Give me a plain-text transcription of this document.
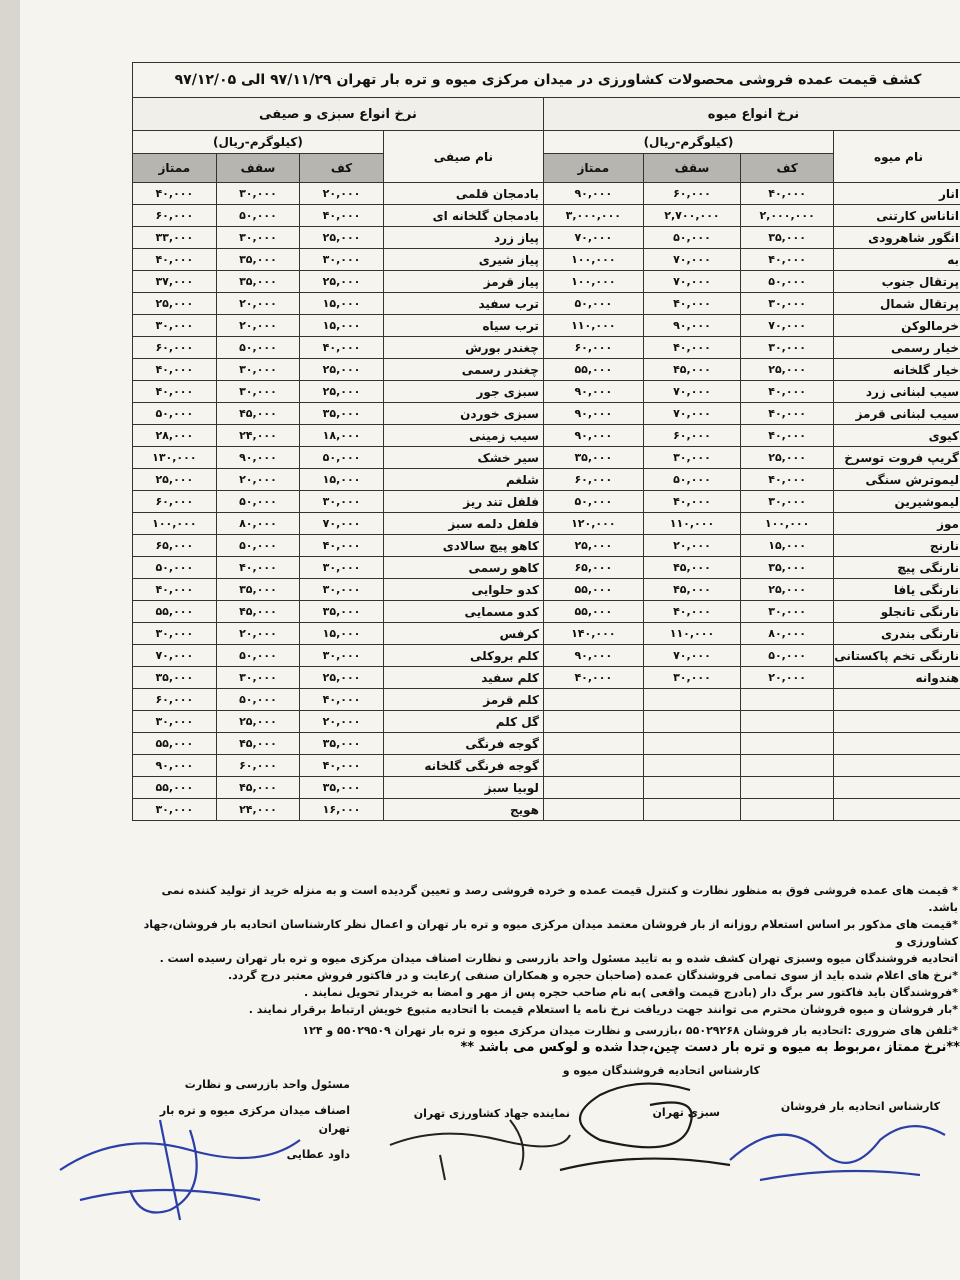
کشف قیمت عمده فروشی محصولات کشاورزی در میدان مرکزی میوه و تره بار تهران ۹۷/۱۱/۲۹ الی ۹۷/۱۲/۰۵							
نرخ انواع میوه				نرخ انواع سبزی و صیفی			
نام میوه	(کیلوگرم-ریال)			نام صیفی	(کیلوگرم-ریال)		
	کف	سقف	ممتاز		کف	سقف	ممتاز
انار	۴۰,۰۰۰	۶۰,۰۰۰	۹۰,۰۰۰	بادمجان قلمی	۲۰,۰۰۰	۳۰,۰۰۰	۴۰,۰۰۰
اناناس کارتنی	۲,۰۰۰,۰۰۰	۲,۷۰۰,۰۰۰	۳,۰۰۰,۰۰۰	بادمجان گلخانه ای	۴۰,۰۰۰	۵۰,۰۰۰	۶۰,۰۰۰
انگور شاهرودی	۳۵,۰۰۰	۵۰,۰۰۰	۷۰,۰۰۰	پیاز زرد	۲۵,۰۰۰	۳۰,۰۰۰	۳۳,۰۰۰
به	۴۰,۰۰۰	۷۰,۰۰۰	۱۰۰,۰۰۰	پیاز شیری	۳۰,۰۰۰	۳۵,۰۰۰	۴۰,۰۰۰
پرتقال جنوب	۵۰,۰۰۰	۷۰,۰۰۰	۱۰۰,۰۰۰	پیاز قرمز	۲۵,۰۰۰	۳۵,۰۰۰	۳۷,۰۰۰
پرتقال شمال	۳۰,۰۰۰	۴۰,۰۰۰	۵۰,۰۰۰	ترب سفید	۱۵,۰۰۰	۲۰,۰۰۰	۲۵,۰۰۰
خرمالوکن	۷۰,۰۰۰	۹۰,۰۰۰	۱۱۰,۰۰۰	ترب سیاه	۱۵,۰۰۰	۲۰,۰۰۰	۳۰,۰۰۰
خیار رسمی	۳۰,۰۰۰	۴۰,۰۰۰	۶۰,۰۰۰	چغندر بورش	۴۰,۰۰۰	۵۰,۰۰۰	۶۰,۰۰۰
خیار گلخانه	۲۵,۰۰۰	۴۵,۰۰۰	۵۵,۰۰۰	چغندر رسمی	۲۵,۰۰۰	۳۰,۰۰۰	۴۰,۰۰۰
سیب لبنانی زرد	۴۰,۰۰۰	۷۰,۰۰۰	۹۰,۰۰۰	سبزی جور	۲۵,۰۰۰	۳۰,۰۰۰	۴۰,۰۰۰
سیب لبنانی قرمز	۴۰,۰۰۰	۷۰,۰۰۰	۹۰,۰۰۰	سبزی خوردن	۳۵,۰۰۰	۴۵,۰۰۰	۵۰,۰۰۰
کیوی	۴۰,۰۰۰	۶۰,۰۰۰	۹۰,۰۰۰	سیب زمینی	۱۸,۰۰۰	۲۴,۰۰۰	۲۸,۰۰۰
گریپ فروت توسرخ	۲۵,۰۰۰	۳۰,۰۰۰	۳۵,۰۰۰	سیر خشک	۵۰,۰۰۰	۹۰,۰۰۰	۱۳۰,۰۰۰
لیموترش سنگی	۴۰,۰۰۰	۵۰,۰۰۰	۶۰,۰۰۰	شلغم	۱۵,۰۰۰	۲۰,۰۰۰	۲۵,۰۰۰
لیموشیرین	۳۰,۰۰۰	۴۰,۰۰۰	۵۰,۰۰۰	فلفل تند ریز	۳۰,۰۰۰	۵۰,۰۰۰	۶۰,۰۰۰
موز	۱۰۰,۰۰۰	۱۱۰,۰۰۰	۱۲۰,۰۰۰	فلفل دلمه سبز	۷۰,۰۰۰	۸۰,۰۰۰	۱۰۰,۰۰۰
نارنج	۱۵,۰۰۰	۲۰,۰۰۰	۲۵,۰۰۰	کاهو پیچ سالادی	۴۰,۰۰۰	۵۰,۰۰۰	۶۵,۰۰۰
نارنگی پیچ	۳۵,۰۰۰	۴۵,۰۰۰	۶۵,۰۰۰	کاهو رسمی	۳۰,۰۰۰	۴۰,۰۰۰	۵۰,۰۰۰
نارنگی یافا	۲۵,۰۰۰	۴۵,۰۰۰	۵۵,۰۰۰	کدو حلوایی	۳۰,۰۰۰	۳۵,۰۰۰	۴۰,۰۰۰
نارنگی تانجلو	۳۰,۰۰۰	۴۰,۰۰۰	۵۵,۰۰۰	کدو مسمایی	۳۵,۰۰۰	۴۵,۰۰۰	۵۵,۰۰۰
نارنگی بندری	۸۰,۰۰۰	۱۱۰,۰۰۰	۱۴۰,۰۰۰	کرفس	۱۵,۰۰۰	۲۰,۰۰۰	۳۰,۰۰۰
نارنگی تخم پاکستانی	۵۰,۰۰۰	۷۰,۰۰۰	۹۰,۰۰۰	کلم بروکلی	۳۰,۰۰۰	۵۰,۰۰۰	۷۰,۰۰۰
هندوانه	۲۰,۰۰۰	۳۰,۰۰۰	۴۰,۰۰۰	کلم سفید	۲۵,۰۰۰	۳۰,۰۰۰	۳۵,۰۰۰
				کلم قرمز	۴۰,۰۰۰	۵۰,۰۰۰	۶۰,۰۰۰
				گل کلم	۲۰,۰۰۰	۲۵,۰۰۰	۳۰,۰۰۰
				گوجه فرنگی	۳۵,۰۰۰	۴۵,۰۰۰	۵۵,۰۰۰
				گوجه فرنگی گلخانه	۴۰,۰۰۰	۶۰,۰۰۰	۹۰,۰۰۰
				لوبیا سبز	۳۵,۰۰۰	۴۵,۰۰۰	۵۵,۰۰۰
				هویج	۱۶,۰۰۰	۲۴,۰۰۰	۳۰,۰۰۰

* قیمت های عمده فروشی فوق به منظور نظارت و کنترل قیمت عمده و خرده فروشی رصد و تعیین گردیده است و به منزله خرید از تولید کننده نمی باشد.

*قیمت های مذکور بر اساس استعلام روزانه از بار فروشان معتمد میدان مرکزی میوه و تره بار تهران و اعمال نظر کارشناسان اتحادیه بار فروشان،جهاد کشاورزی و

اتحادیه فروشندگان میوه وسبزی تهران کشف شده و به تایید مسئول واحد بازرسی و نظارت اصناف میدان مرکزی میوه و تره بار تهران رسیده است .

*نرخ های اعلام شده باید از سوی تمامی فروشندگان عمده (صاحبان حجره و همکاران صنفی )رعایت و در فاکتور فروش معتبر درج گردد.

*فروشندگان باید فاکتور سر برگ دار (بادرج قیمت واقعی )به نام صاحب حجره پس از مهر و امضا به خریدار تحویل نمایند .

*بار فروشان و میوه فروشان محترم می توانند جهت دریافت نرخ نامه یا استعلام قیمت با اتحادیه متبوع خویش ارتباط برقرار نمایند .

*تلفن های ضروری :اتحادیه بار فروشان ۵۵۰۲۹۲۶۸ ،بازرسی و نظارت میدان مرکزی میوه و تره بار تهران ۵۵۰۲۹۵۰۹ و ۱۲۴

**نرخ ممتاز ،مربوط به میوه و تره بار دست چین،جدا شده و لوکس می باشد **

کارشناس اتحادیه بار فروشان

کارشناس اتحادیه فروشندگان میوه و

سبزی تهران

نماینده جهاد کشاورزی تهران

مسئول واحد بازرسی و نظارت

اصناف میدان مرکزی میوه و تره بار تهران

داود عطایی
